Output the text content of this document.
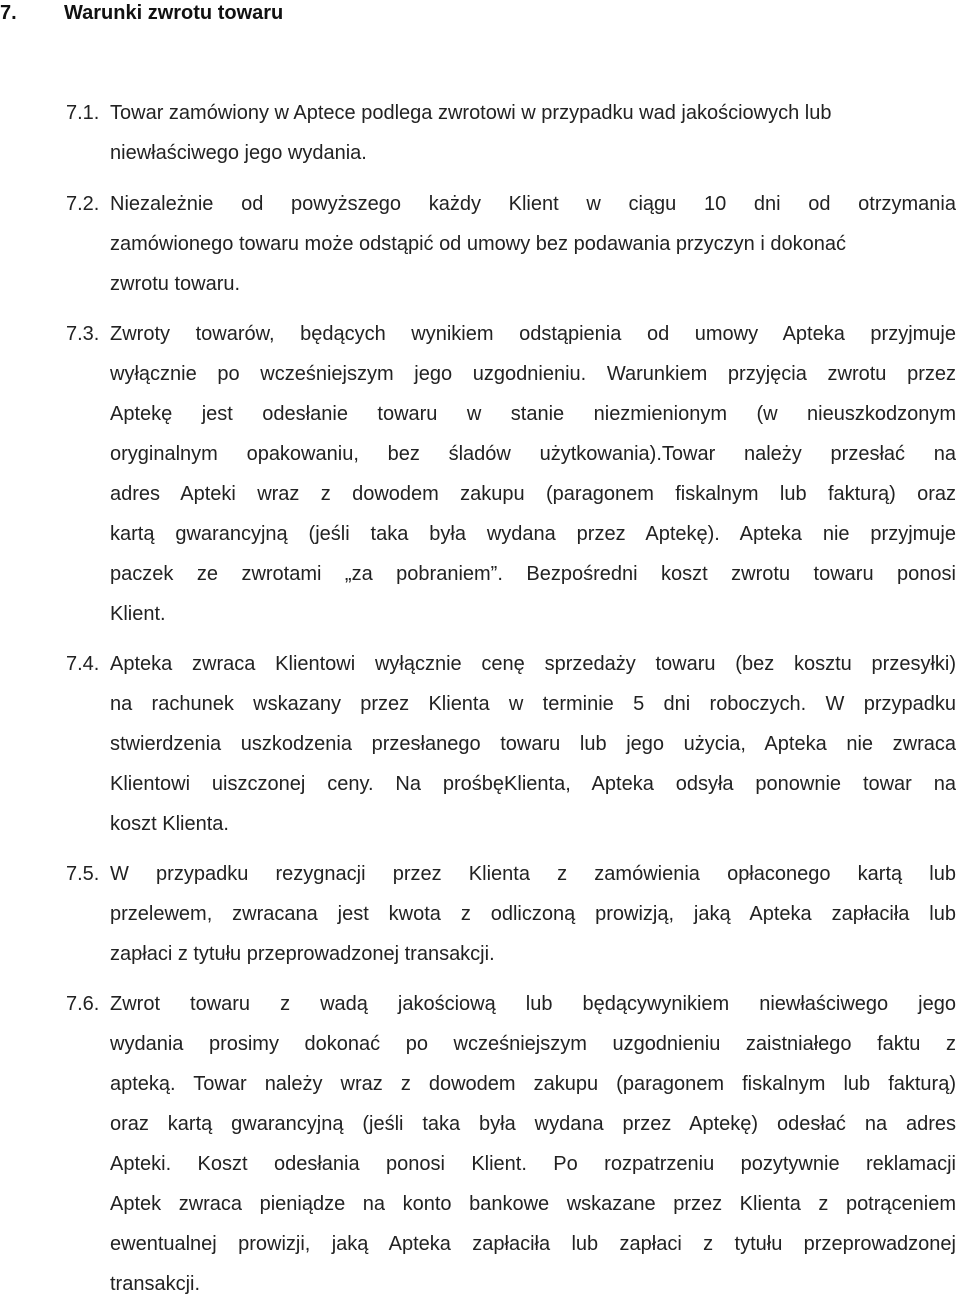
7. Warunki zwrotu towaru
7.1. Towar zamówiony w Aptece podlega zwrotowi w przypadku wad jakościowych lub
niewłaściwego jego wydania.
7.2. Niezależnie od powyższego każdy Klient w ciągu 10 dni od otrzymania
zamówionego towaru może odstąpić od umowy bez podawania przyczyn i dokonać
zwrotu towaru.
7.3. Zwroty towarów, będących wynikiem odstąpienia od umowy Apteka przyjmuje
wyłącznie po wcześniejszym jego uzgodnieniu. Warunkiem przyjęcia zwrotu przez
Aptekę jest odesłanie towaru w stanie niezmienionym (w nieuszkodzonym
oryginalnym opakowaniu, bez śladów użytkowania).Towar należy przesłać na
adres Apteki wraz z dowodem zakupu (paragonem fiskalnym lub fakturą) oraz
kartą gwarancyjną (jeśli taka była wydana przez Aptekę). Apteka nie przyjmuje
paczek ze zwrotami „za pobraniem”. Bezpośredni koszt zwrotu towaru ponosi
Klient.
7.4. Apteka zwraca Klientowi wyłącznie cenę sprzedaży towaru (bez kosztu przesyłki)
na rachunek wskazany przez Klienta w terminie 5 dni roboczych. W przypadku
stwierdzenia uszkodzenia przesłanego towaru lub jego użycia, Apteka nie zwraca
Klientowi uiszczonej ceny. Na prośbęKlienta, Apteka odsyła ponownie towar na
koszt Klienta.
7.5. W przypadku rezygnacji przez Klienta z zamówienia opłaconego kartą lub
przelewem, zwracana jest kwota z odliczoną prowizją, jaką Apteka zapłaciła lub
zapłaci z tytułu przeprowadzonej transakcji.
7.6. Zwrot towaru z wadą jakościową lub będącywynikiem niewłaściwego jego
wydania prosimy dokonać po wcześniejszym uzgodnieniu zaistniałego faktu z
apteką. Towar należy wraz z dowodem zakupu (paragonem fiskalnym lub fakturą)
oraz kartą gwarancyjną (jeśli taka była wydana przez Aptekę) odesłać na adres
Apteki. Koszt odesłania ponosi Klient. Po rozpatrzeniu pozytywnie reklamacji
Aptek zwraca pieniądze na konto bankowe wskazane przez Klienta z potrąceniem
ewentualnej prowizji, jaką Apteka zapłaciła lub zapłaci z tytułu przeprowadzonej
transakcji.
